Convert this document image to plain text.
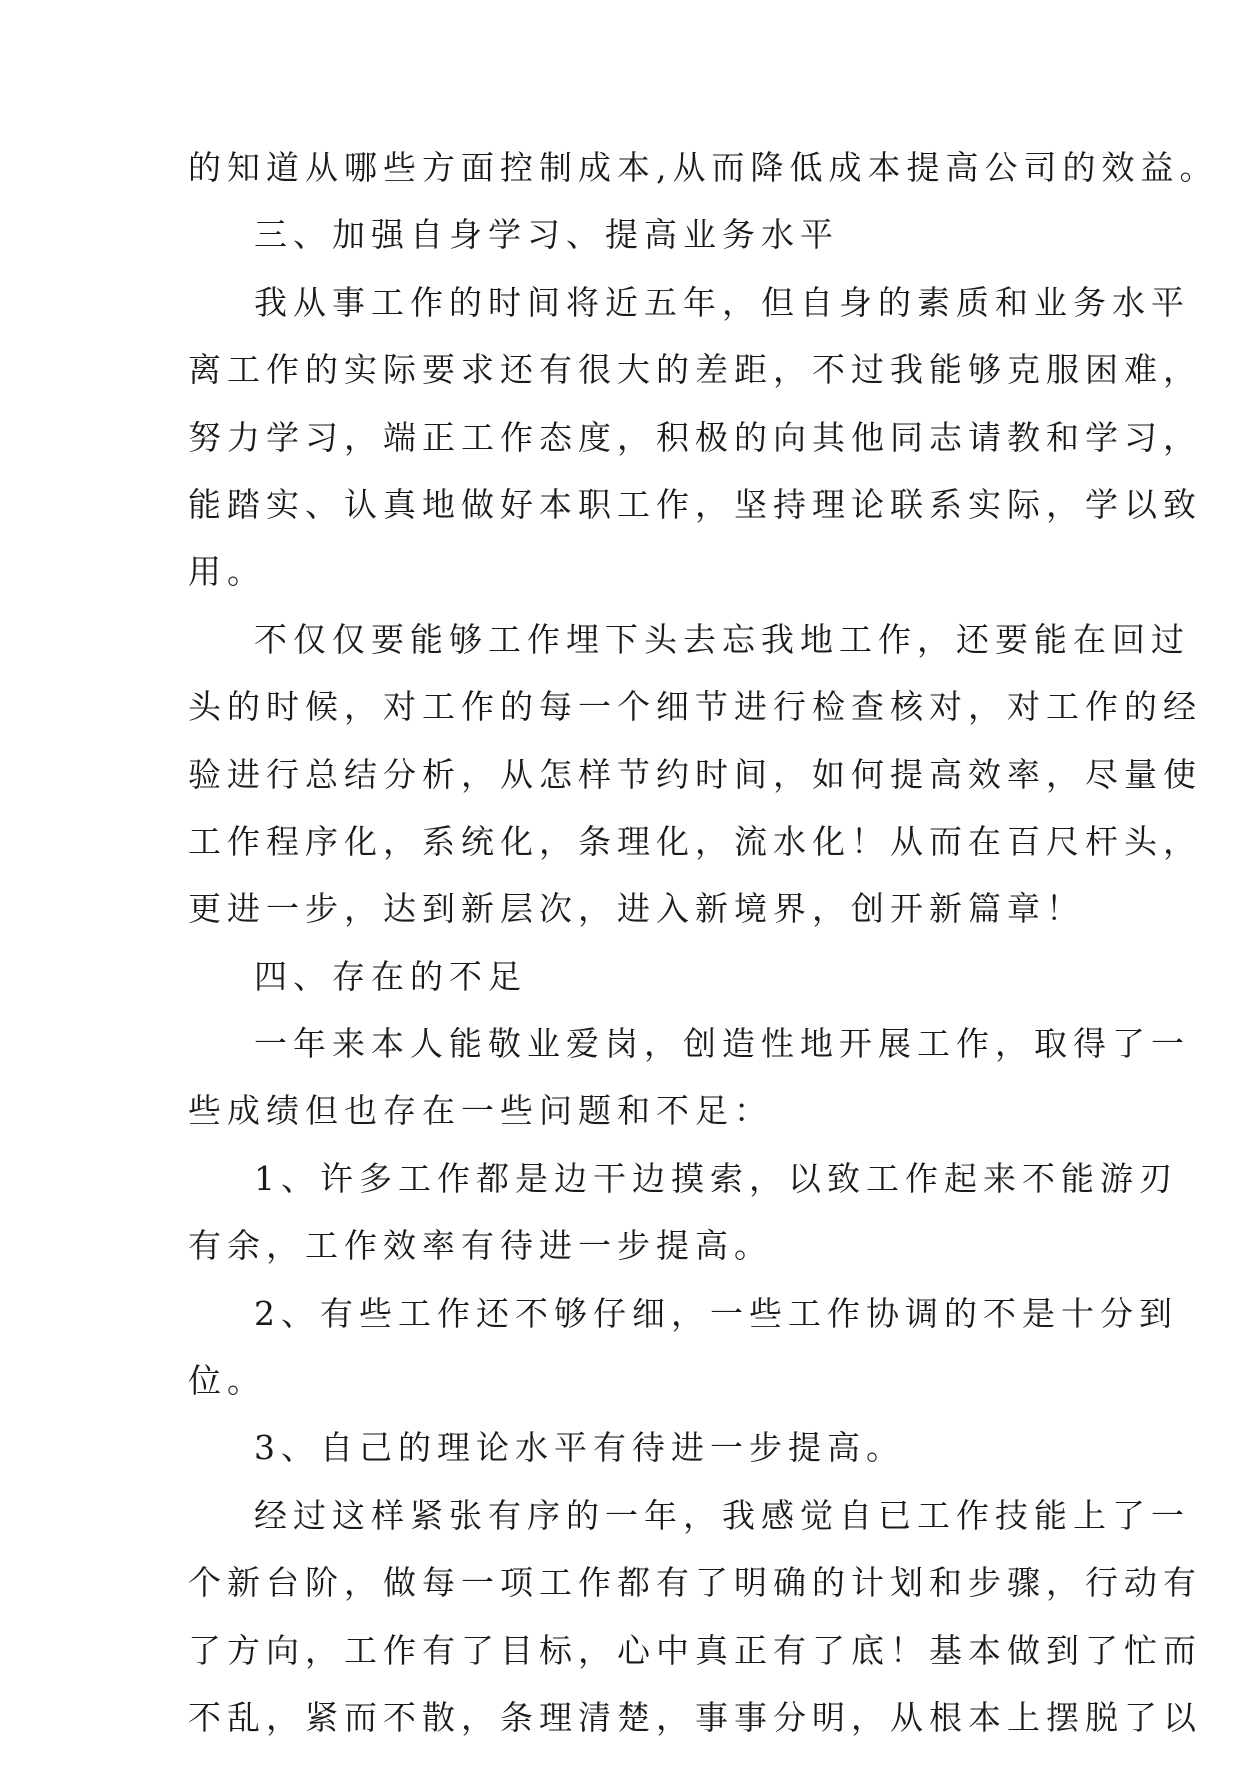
的知道从哪些方面控制成本,从而降低成本提高公司的效益。
三、加强自身学习、提高业务水平
我从事工作的时间将近五年，但自身的素质和业务水平
离工作的实际要求还有很大的差距，不过我能够克服困难，
努力学习，端正工作态度，积极的向其他同志请教和学习，
能踏实、认真地做好本职工作，坚持理论联系实际，学以致
用。
不仅仅要能够工作埋下头去忘我地工作，还要能在回过
头的时候，对工作的每一个细节进行检查核对，对工作的经
验进行总结分析，从怎样节约时间，如何提高效率，尽量使
工作程序化，系统化，条理化，流水化！从而在百尺杆头，
更进一步，达到新层次，进入新境界，创开新篇章！
四、存在的不足
一年来本人能敬业爱岗，创造性地开展工作，取得了一
些成绩但也存在一些问题和不足：
1、许多工作都是边干边摸索，以致工作起来不能游刃
有余，工作效率有待进一步提高。
2、有些工作还不够仔细，一些工作协调的不是十分到
位。
3、自己的理论水平有待进一步提高。
经过这样紧张有序的一年，我感觉自已工作技能上了一
个新台阶，做每一项工作都有了明确的计划和步骤，行动有
了方向，工作有了目标，心中真正有了底！基本做到了忙而
不乱，紧而不散，条理清楚，事事分明，从根本上摆脱了以
